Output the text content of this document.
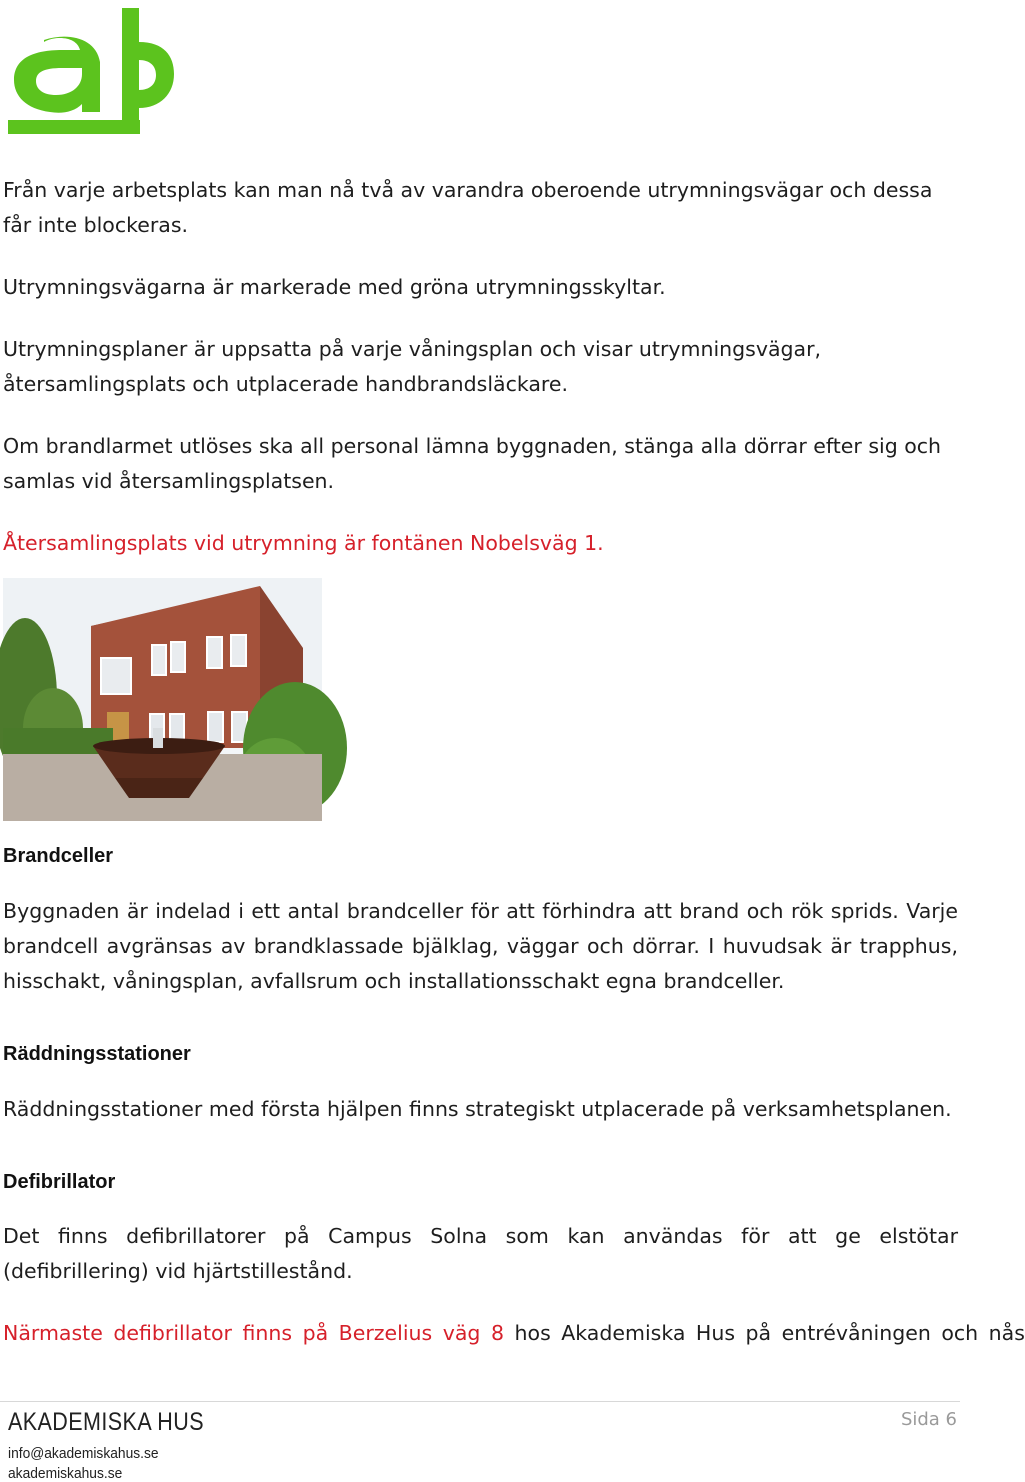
Från varje arbetsplats kan man nå två av varandra oberoende utrymningsvägar och dessa får inte blockeras.

Utrymningsvägarna är markerade med gröna utrymningsskyltar.

Utrymningsplaner är uppsatta på varje våningsplan och visar utrymningsvägar, återsamlingsplats och utplacerade handbrandsläckare.

Om brandlarmet utlöses ska all personal lämna byggnaden, stänga alla dörrar efter sig och samlas vid återsamlingsplatsen.

Återsamlingsplats vid utrymning är fontänen Nobelsväg 1.

Brandceller

Byggnaden är indelad i ett antal brandceller för att förhindra att brand och rök sprids. Varje brandcell avgränsas av brandklassade bjälklag, väggar och dörrar. I huvudsak är trapphus, hisschakt, våningsplan, avfallsrum och installationsschakt egna brandceller.

Räddningsstationer

Räddningsstationer med första hjälpen finns strategiskt utplacerade på verksamhetsplanen.

Defibrillator

Det finns defibrillatorer på Campus Solna som kan användas för att ge elstötar (defibrillering) vid hjärtstillestånd.

Närmaste defibrillator finns på Berzelius väg 8 hos Akademiska Hus på entrévåningen och nås

AKADEMISKA HUS

info@akademiskahus.se

akademiskahus.se

Sida 6
